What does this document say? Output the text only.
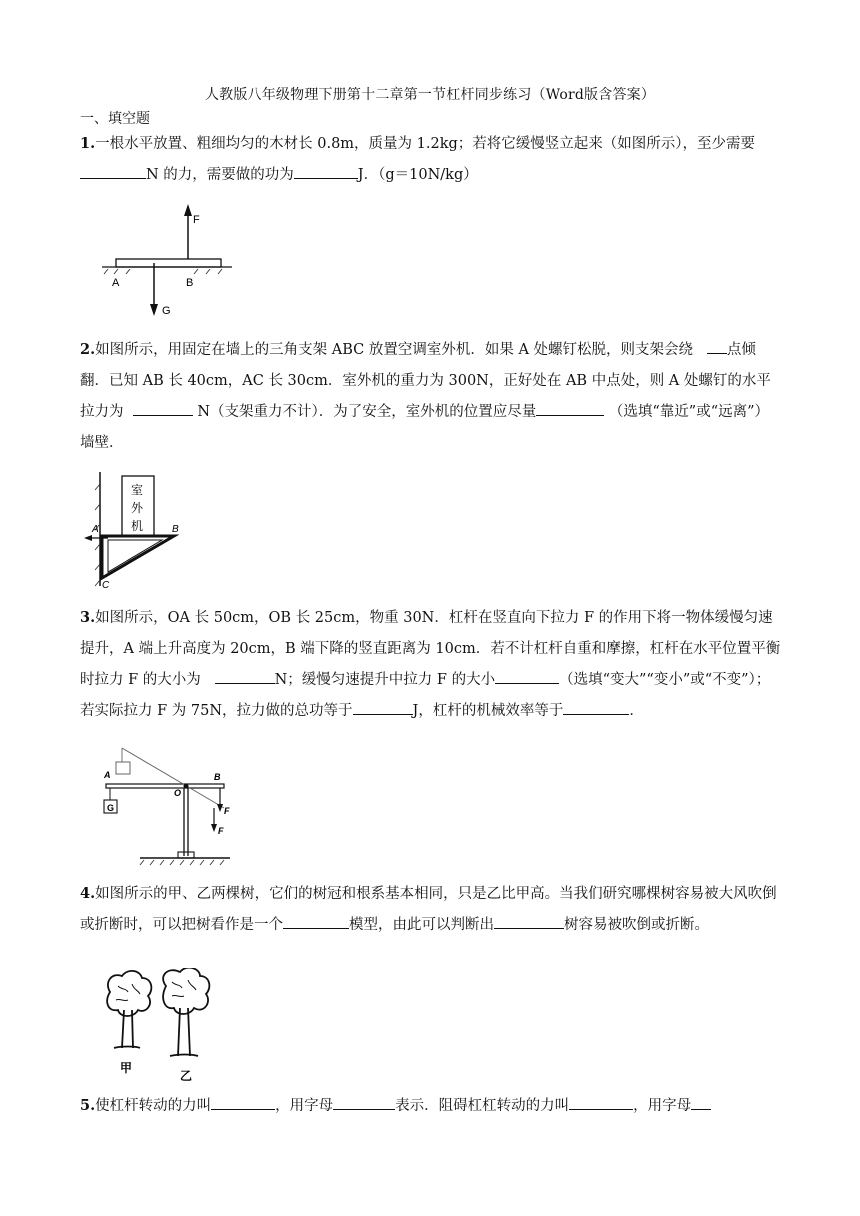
人教版八年级物理下册第十二章第一节杠杆同步练习（Word版含答案）
一、填空题
1.一根水平放置、粗细均匀的木材长 0.8m，质量为 1.2kg；若将它缓慢竖立起来（如图所示），至少需要N 的力，需要做的功为	J．（g＝10N/kg）
F
G
A	B
2.如图所示，用固定在墙上的三角支架 ABC 放置空调室外机．如果 A 处螺钉松脱，则支架会绕 点倾翻．已知 AB 长 40cm，AC 长 30cm．室外机的重力为 300N，正好处在 AB 中点处，则 A 处螺钉的水平拉力为	N（支架重力不计）．为了安全，室外机的位置应尽量	（选填“靠近”或“远离”）墙壁．
室
外
机
A	B
C
3.如图所示，OA 长 50cm，OB 长 25cm，物重 30N．杠杆在竖直向下拉力 F 的作用下将一物体缓慢匀速提升，A 端上升高度为 20cm，B 端下降的竖直距离为 10cm．若不计杠杆自重和摩擦，杠杆在水平位置平衡时拉力 F 的大小为	N；缓慢匀速提升中拉力 F 的大小	（选填“变大”“变小”或“不变”）；若实际拉力 F 为 75N，拉力做的总功等于	J，杠杆的机械效率等于	．
G
A	B
O
F
F
4.如图所示的甲、乙两棵树，它们的树冠和根系基本相同，只是乙比甲高。当我们研究哪棵树容易被大风吹倒或折断时，可以把树看作是一个	模型，由此可以判断出	树容易被吹倒或折断。
甲
乙
5.使杠杆转动的力叫	，用字母	表示．阻碍杠杠转动的力叫	，用字母
